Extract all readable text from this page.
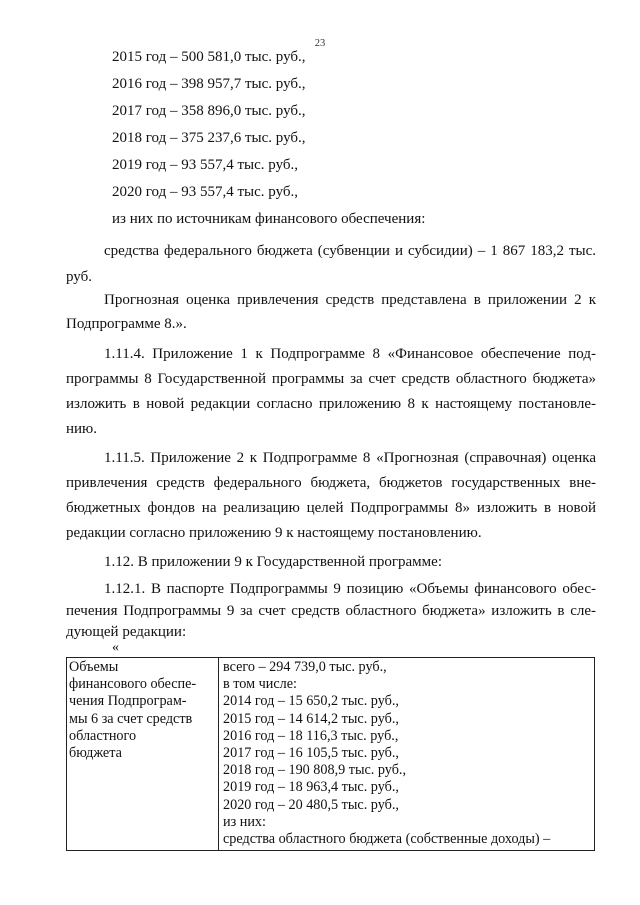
23
2015 год – 500 581,0 тыс. руб.,
2016 год – 398 957,7 тыс. руб.,
2017 год – 358 896,0 тыс. руб.,
2018 год – 375 237,6 тыс. руб.,
2019 год – 93 557,4 тыс. руб.,
2020 год – 93 557,4 тыс. руб.,
из них по источникам финансового обеспечения:
средства федерального бюджета (субвенции и субсидии) – 1 867 183,2 тыс.
руб.
Прогнозная оценка привлечения средств представлена в приложении 2 к
Подпрограмме 8.».
1.11.4. Приложение 1 к Подпрограмме 8 «Финансовое обеспечение под-
программы 8 Государственной программы за счет средств областного бюджета»
изложить в новой редакции согласно приложению 8 к настоящему постановле-
нию.
1.11.5. Приложение 2 к Подпрограмме 8 «Прогнозная (справочная) оценка
привлечения средств федерального бюджета, бюджетов государственных вне-
бюджетных фондов на реализацию целей Подпрограммы 8» изложить в новой
редакции согласно приложению 9 к настоящему постановлению.
1.12. В приложении 9 к Государственной программе:
1.12.1. В паспорте Подпрограммы 9 позицию «Объемы финансового обес-
печения Подпрограммы 9 за счет средств областного бюджета» изложить в сле-
дующей редакции:
«
Объемы
финансового обеспе-
чения Подпрограм-
мы 6 за счет средств
областного
бюджета
всего – 294 739,0 тыс. руб.,
в том числе:
2014 год – 15 650,2 тыс. руб.,
2015 год – 14 614,2 тыс. руб.,
2016 год – 18 116,3 тыс. руб.,
2017 год – 16 105,5 тыс. руб.,
2018 год – 190 808,9 тыс. руб.,
2019 год – 18 963,4 тыс. руб.,
2020 год – 20 480,5 тыс. руб.,
из них:
средства областного бюджета (собственные доходы) –
